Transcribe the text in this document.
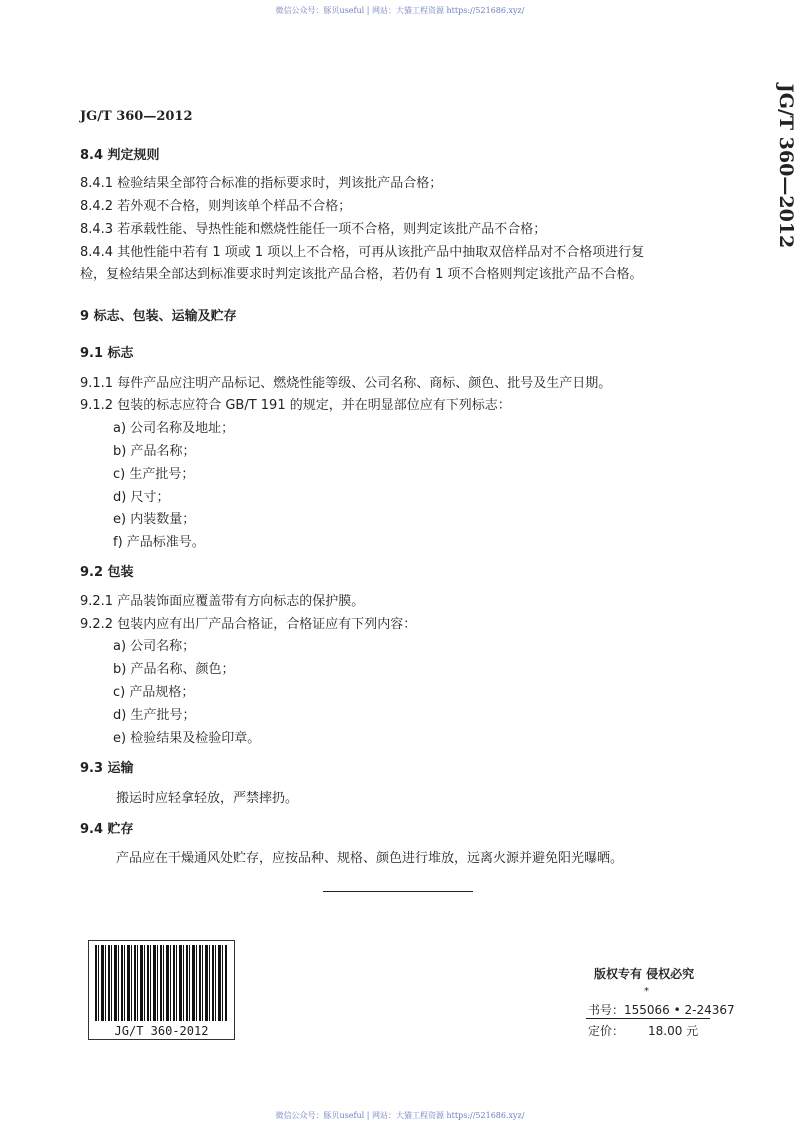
微信公众号：豚贝useful | 网站：大猫工程资源 https://521686.xyz/
JG/T 360—2012	JG/T 360—2012
8.4 判定规则
8.4.1 检验结果全部符合标准的指标要求时，判该批产品合格；
8.4.2 若外观不合格，则判该单个样品不合格；
8.4.3 若承载性能、导热性能和燃烧性能任一项不合格，则判定该批产品不合格；
8.4.4 其他性能中若有 1 项或 1 项以上不合格，可再从该批产品中抽取双倍样品对不合格项进行复
检，复检结果全部达到标准要求时判定该批产品合格，若仍有 1 项不合格则判定该批产品不合格。
9 标志、包装、运输及贮存
9.1 标志
9.1.1 每件产品应注明产品标记、燃烧性能等级、公司名称、商标、颜色、批号及生产日期。
9.1.2 包装的标志应符合 GB/T 191 的规定，并在明显部位应有下列标志：
a) 公司名称及地址；
b) 产品名称；
c) 生产批号；
d) 尺寸；
e) 内装数量；
f) 产品标准号。
9.2 包装
9.2.1 产品装饰面应覆盖带有方向标志的保护膜。
9.2.2 包装内应有出厂产品合格证，合格证应有下列内容：
a) 公司名称；
b) 产品名称、颜色；
c) 产品规格；
d) 生产批号；
e) 检验结果及检验印章。
9.3 运输
搬运时应轻拿轻放，严禁摔扔。
9.4 贮存
产品应在干燥通风处贮存，应按品种、规格、颜色进行堆放，远离火源并避免阳光曝晒。
JG/T 360-2012
版权专有 侵权必究
*
书号：155066 • 2-24367
定价： 18.00 元
微信公众号：豚贝useful | 网站：大猫工程资源 https://521686.xyz/
